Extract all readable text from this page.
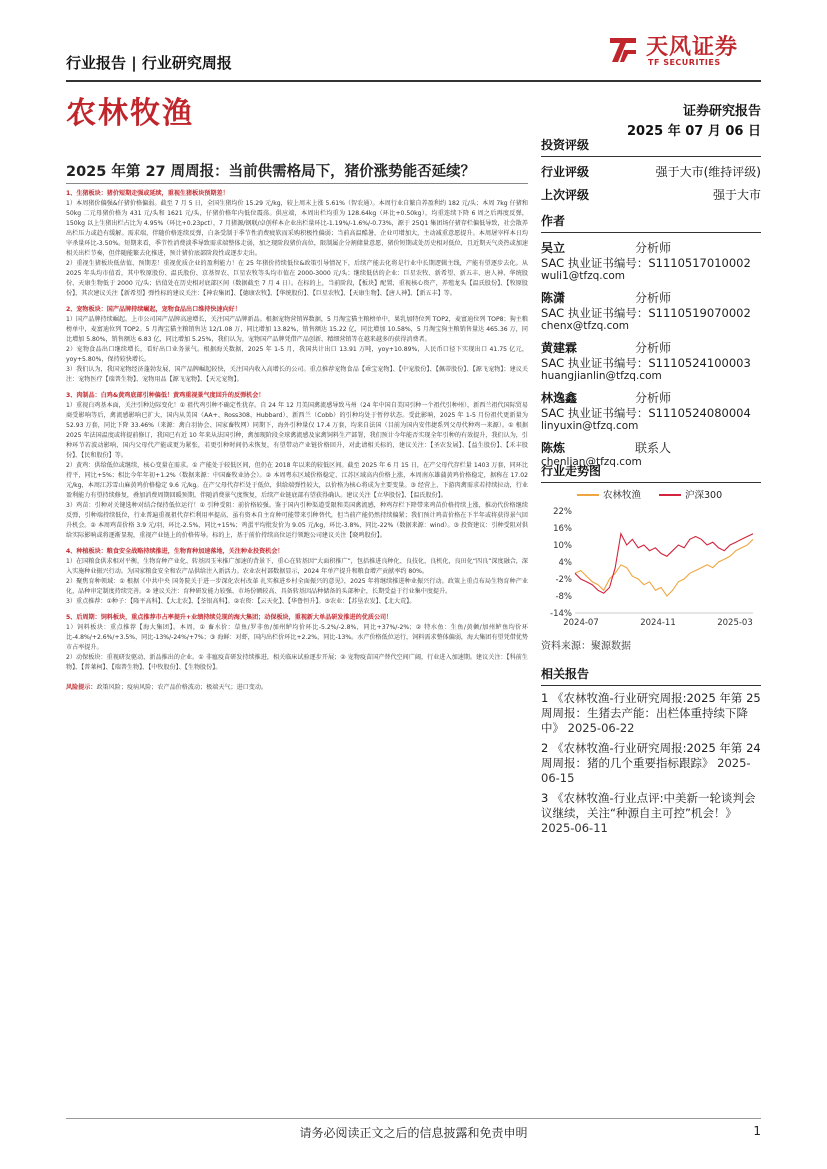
行业报告 | 行业研究周报
天风证券
TF SECURITIES
农林牧渔	证券研究报告
2025 年 07 月 06 日
2025 年第 27 周周报：当前供需格局下，猪价涨势能否延续？
1、生猪板块：猪价短期走强或延续，重视生猪板块预期差！
1）本周猪价偏强&仔猪价格偏弱。截至 7 月 5 日，全国生猪均价 15.29 元/kg，较上周末上涨 5.61%（智农通）。本周行业自繁自养盈利约 182 元/头；本周 7kg 仔猪和 50kg 二元母猪价格为 431 元/头和 1621 元/头，仔猪价格年内低位震荡。供应端，本周出栏均重为 128.64kg（环比+0.50kg），均重连续下降 6 周之后再度反弹，150kg 以上生猪出栏占比为 4.95%（环比+0.23pct），7 月猪源/钢联/卓创样本企业出栏量环比-1.19%/-1.6%/-0.73%，源于 25Q1 集团场仔猪存栏偏低导致，社会散养出栏压力或趋有缓解。需求端，伴随价格连续反弹，白条受制于季节性消费疲软而采购积极性偏弱；当前高温酷暑，企业可增加大，主动减重意愿提升。本周屠宰样本日均宰杀量环比-3.50%。短期来看，季节性消费淡季导致需求端整体走弱，加之现阶段猪价高位，限制属企分割储量意愿，猪价短期或处历史相对低位，且近期天气炎热或加速相关出栏节奏，但伴随能繁去化推进，预计猪价底部阶段性或逐步走出。
2）重视生猪板块低估值、预期差！重视优质企业的盈利能力！在 25 年猪价持续低位&政策引导情况下，后续产能去化将是行业中长期逻辑主线，产能有望逐步去化。从 2025 年头均市值看，其中牧原股份、温氏股份、京基智农、巨星农牧等头均市值在 2000-3000 元/头；继续低估的企业：巨星农牧、新希望、新五丰、唐人神、华统股份、天康生物低于 2000 元/头；估值处在历史相对底部区间（数据截至 7 月 4 日）。在标的上，当前阶段，【板块】配置，重视核心资产，养殖龙头【温氏股份】、【牧原股份】，其次建议关注【新希望】弹性标的建议关注：【神农集团】、【德康农牧】、【华统股份】、【巨星农牧】、【天康生物】、【唐人神】、【新五丰】等。
2、宠物板块：国产品牌持续崛起，宠物食品出口维持快速向好！
1）国产品牌持续崛起。上市公司国产品牌高速增长，关注国产品牌新品。根据宠物营销界数据，5 月淘宝猫主粮榜单中，果乳加特位列 TOP2，麦富迪位列 TOP8；狗主粮榜单中，麦富迪位列 TOP2。5 月淘宝猫主粮销售达 12/1.08 万，同比增加 13.82%，销售额达 15.22 亿，同比增加 10.58%，5 月淘宝狗主粮销售量达 465.36 万，同比增加 5.80%，销售额达 6.83 亿，同比增加 5.25%，我们认为，宠物国产品牌凭借产品创新、精细营销等在越来越多的获得消费者。
2）宠物食品出口继续增长，看好出口业务景气。根据海关数据，2025 年 1-5 月，我国共计出口 13.91 万吨，yoy+10.89%，人民币口径下实现出口 41.75 亿元，yoy+5.80%，保持较快增长。
3）我们认为，我国宠物经济蓬勃发展，国产品牌崛起较快，关注国内收入高增长的公司。重点推荐宠物食品【乖宝宠物】、【中宠股份】、【佩蒂股份】、【源飞宠物】；建议关注：宠物医疗【瑞普生物】、宠物用品【源飞宠物】、【天元宠物】。
3、肉制品：白鸡&黄鸡底部引种偏低！黄鸡重视景气度回升的反弹机会！
1）重视白鸡基本面，关注引种边际变化！① 祖代鸡引种不确定性犹存。自 24 年 12 月美国禽流感导致马州（24 年中国自美国引种一个祖代引种州），新西兰祖代国际贸易商受影响等后，禽流感影响已扩大，国内从美国（AA+、Ross308、Hubbard）、新西兰（Cobb）的引种均处于暂停状态。受此影响，2025 年 1-5 月份祖代更新量为 52.93 万套，同比下降 33.46%（来源：禽白羽协会、国家畜牧网）同期下，海外引种量仅 17.4 万套，均来自法国（目前为国内安伟捷系列父母代种鸡一来源）。① 根据 2025 年法国温度或将提前修订，我国已有近 10 年来从法国引种，禽加现阶段全球禽流感及家禽饲料生产部署，我们预计今年能否实现全年引种的有效提升，我们认为，引种环节若波动影响，国内父母代产能或更为紧张，若更引种时间仍未恢复，有望带动产业链价格回升，对此请相关标的，建议关注：【圣农发展】、【益生股份】、【禾丰股份】、【民和股份】等。
2）黄鸡：供给低位或继续，核心变量在需求。① 产能处于较低区间，但仍在 2018 年以来的较低区间。截至 2025 年 6 月 15 日，在产父母代存栏量 1403 万套，同环比持平，同比+5%；相比今年年初+1.2%（数据来源：中国畜牧业协会）。② 本周粤东区域价格稳定、江苏区域高内价格上涨，本周南东雄蒲黄鸡价格稳定，据称在 17.02 元/kg，本周江苏雪山麻黄鸡价格稳定 9.6 元/kg。在产父母代存栏处于低位，供给端弹性较大，以价格为核心将成为主要变量。③ 经营上，下游肉禽需求若持续拉动，行业盈利能力有望持续修复，叠加消费周期回暖预期，伴随消费景气度恢复，后续产业链底部有望获得确认。建议关注【立华股份】、【温氏股份】。
3）鸡苗：引种对关键选种对结合保持低位运行！① 引种受阻：前价格较强。鉴于国内引种渠道受限和美国禽流感，种鸡存栏下降带来鸡苗价格持续上涨，推动代价格继续反弹，引种端持续低位，行业普遍重视祖代存栏利用率提高，虽有资本自主育种可能带来引种替代，但当前产能仍然持续偏紧；我们预计鸡苗价格在下半年或将获得景气回升机会。② 本周鸡苗价格 3.9 元/羽，环比-2.5%，同比+15%；鸡蛋平均批发价为 9.05 元/kg，环比-3.8%，同比-22%（数据来源：wind）。③ 投资建议：引种受阻对供给实际影响或将逐渐显现，重视产业链上的价格传导。标的上，基于前价持续高位运行领跑公司建议关注【晓鸣股份】。
4、种植板块：粮食安全战略持续推进，生物育种加速落地，关注种业投资机会！
1）在国粮食供求相对平衡，生物育种产业化、转基因玉米推广加速的背景下，重心在转基因“大面积推广”，包括推进良种化、良技化、良机化，良田化“四良”深度融合，深入实施种业振兴行动。为国家粮食安全和农产品供给注入新活力。农业农村部数据显示，2024 年单产提升和粮食增产贡献率约 80%。
2）聚焦育种领域：① 根据《中共中央 国务院关于进一步深化农村改革 扎实推进乡村全面振兴的意见》，2025 年将继续推进种业振兴行动。政策上重点布局生物育种产业化，品种审定制度持续完善。② 建议关注：育种研发能力较强、市场份额较高、具备转基因品种储备的头部种企，长期受益于行业集中度提升。
3）重点推荐：①种子：【隆平高科】、【大北农】、【荃银高科】。②农资：【云天化】、【华鲁恒升】。③农业：【苏垦农发】、【北大荒】。
5、后周期：饲料板块，重点推荐市占率提升+业绩持续兑现的海大集团；动保板块，重视新大单品研发推进的优质公司！
1）饲料板块：重点推荐【海大集团】。本周，① 畜水价：草鱼/罗非鱼/加州鲈均价环比-5.2%/-2.8%，同比+37%/-2%；② 特水鱼：生鱼/黄颡/加州鲈鱼均价环比-4.8%/+2.6%/+3.5%，同比-13%/-24%/+7%；③ 海鲜：对虾，国内出栏价环比+2.2%，同比-13%。水产价格低位运行，饲料需求整体偏弱，海大集团有望凭借优势市占率提升。
2）动保板块：重视研发驱动、新品推出的企业。① 非瘟疫苗研发持续推进，相关临床试验逐步开展；② 宠物疫苗国产替代空间广阔，行业进入加速期。建议关注：【科前生物】、【普莱柯】、【瑞普生物】、【中牧股份】、【生物股份】。
风险提示：政策风险；疫病风险；农产品价格波动；极端天气；进口变动。
投资评级
行业评级	强于大市(维持评级)
上次评级	强于大市
作者
吴立	分析师
SAC 执业证书编号：S1110517010002
wuli1@tfzq.com
陈潇	分析师
SAC 执业证书编号：S1110519070002
chenx@tfzq.com
黄建霖	分析师
SAC 执业证书编号：S1110524100003
huangjianlin@tfzq.com
林逸鑫	分析师
SAC 执业证书编号：S1110524080004
linyuxin@tfzq.com
陈炼	联系人
chenlian@tfzq.com
行业走势图
农林牧渔	沪深300
22%
16%
10%
4%
-2%
-8%
-14%
2024-07	2024-11	2025-03
资料来源：聚源数据
相关报告
1 《农林牧渔-行业研究周报:2025 年第 25 周周报：生猪去产能：出栏体重持续下降中》 2025-06-22
2 《农林牧渔-行业研究周报:2025 年第 24 周周报：猪的几个重要指标跟踪》 2025-06-15
3 《农林牧渔-行业点评:中美新一轮谈判会议继续，关注“种源自主可控”机会！》 2025-06-11
请务必阅读正文之后的信息披露和免责申明	1
